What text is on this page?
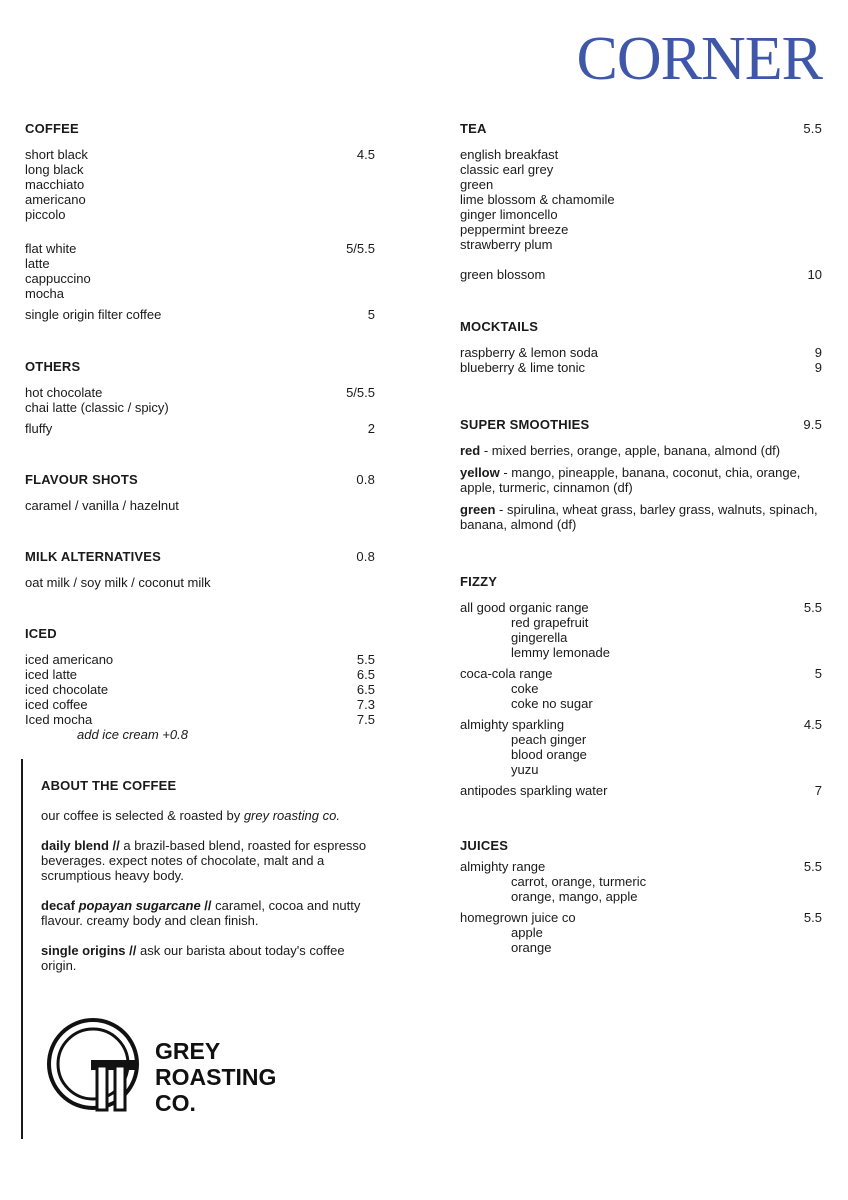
CORNER
COFFEE
short black	4.5
long black
macchiato
americano
piccolo
flat white	5/5.5
latte
cappuccino
mocha
single origin filter coffee	5
OTHERS
hot chocolate	5/5.5
chai latte (classic / spicy)
fluffy	2
FLAVOUR SHOTS	0.8
caramel / vanilla / hazelnut
MILK ALTERNATIVES	0.8
oat milk / soy milk / coconut milk
ICED
iced americano	5.5
iced latte	6.5
iced chocolate	6.5
iced coffee	7.3
Iced mocha	7.5
add ice cream +0.8
ABOUT THE COFFEE

our coffee is selected & roasted by grey roasting co.

daily blend // a brazil-based blend, roasted for espresso beverages. expect notes of chocolate, malt and a scrumptious heavy body.

decaf popayan sugarcane // caramel, cocoa and nutty flavour. creamy body and clean finish.

single origins // ask our barista about today's coffee origin.

GREY
ROASTING
CO.
TEA	5.5
english breakfast
classic earl grey
green
lime blossom & chamomile
ginger limoncello
peppermint breeze
strawberry plum
green blossom	10
MOCKTAILS
raspberry & lemon soda	9
blueberry & lime tonic	9
SUPER SMOOTHIES	9.5
red - mixed berries, orange, apple, banana, almond (df)
yellow - mango, pineapple, banana, coconut, chia, orange, apple, turmeric, cinnamon (df)
green - spirulina, wheat grass, barley grass, walnuts, spinach, banana, almond (df)
FIZZY
all good organic range	5.5
red grapefruit
gingerella
lemmy lemonade
coca-cola range	5
coke
coke no sugar
almighty sparkling	4.5
peach ginger
blood orange
yuzu
antipodes sparkling water	7
JUICES
almighty range	5.5
carrot, orange, turmeric
orange, mango, apple
homegrown juice co	5.5
apple
orange
